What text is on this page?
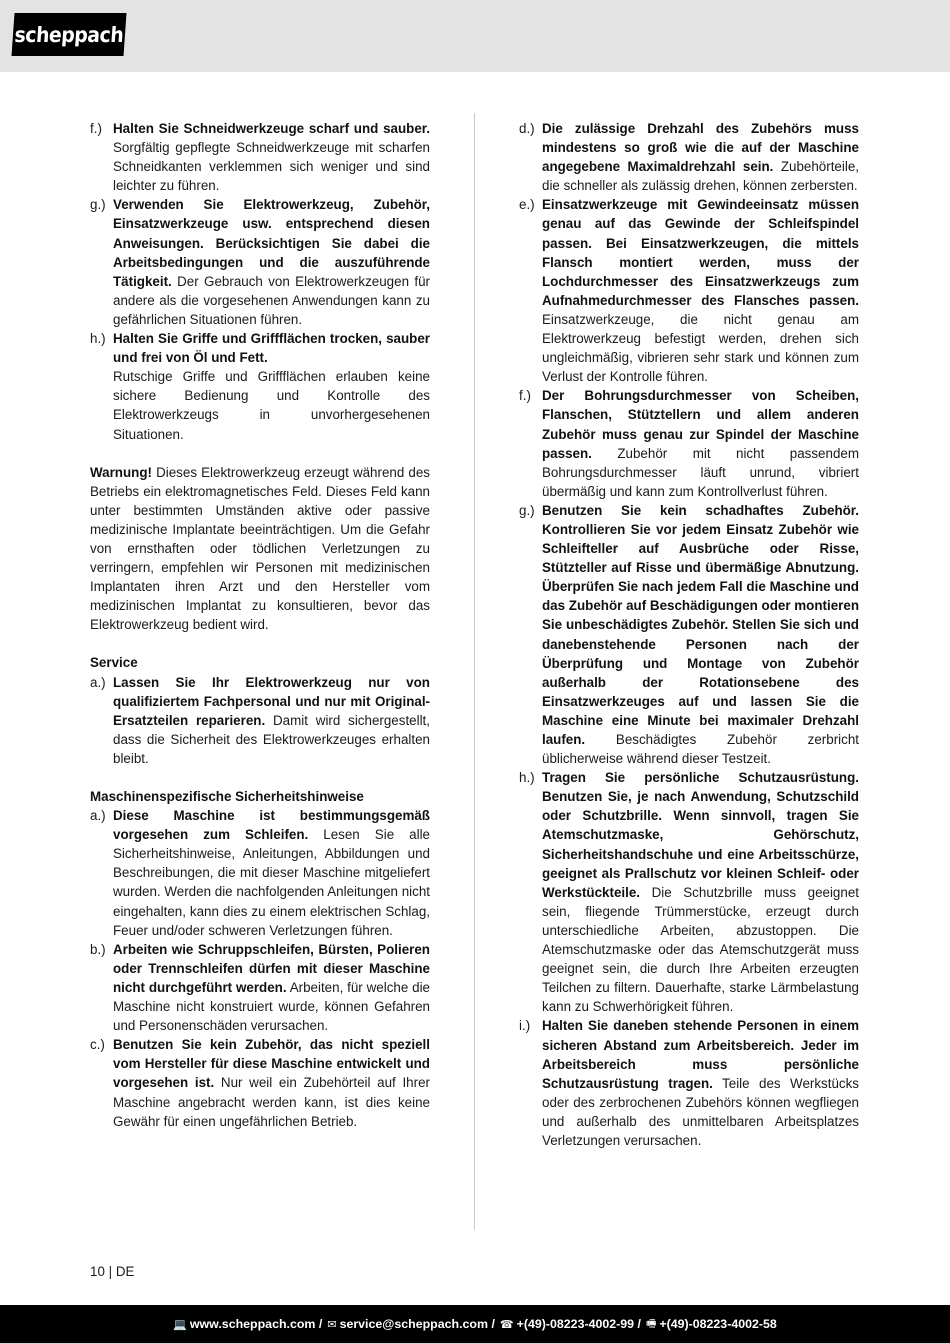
scheppach
f.) Halten Sie Schneidwerkzeuge scharf und sauber. Sorgfältig gepflegte Schneidwerkzeuge mit scharfen Schneidkanten verklemmen sich weniger und sind leichter zu führen.
g.) Verwenden Sie Elektrowerkzeug, Zubehör, Einsatzwerkzeuge usw. entsprechend diesen Anweisungen. Berücksichtigen Sie dabei die Arbeitsbedingungen und die auszuführende Tätigkeit. Der Gebrauch von Elektrowerkzeugen für andere als die vorgesehenen Anwendungen kann zu gefährlichen Situationen führen.
h.) Halten Sie Griffe und Griffflächen trocken, sauber und frei von Öl und Fett.
Rutschige Griffe und Griffflächen erlauben keine sichere Bedienung und Kontrolle des Elektrowerkzeugs in unvorhergesehenen Situationen.

Warnung! Dieses Elektrowerkzeug erzeugt während des Betriebs ein elektromagnetisches Feld. Dieses Feld kann unter bestimmten Umständen aktive oder passive medizinische Implantate beeinträchtigen. Um die Gefahr von ernsthaften oder tödlichen Verletzungen zu verringern, empfehlen wir Personen mit medizinischen Implantaten ihren Arzt und den Hersteller vom medizinischen Implantat zu konsultieren, bevor das Elektrowerkzeug bedient wird.

Service

a.) Lassen Sie Ihr Elektrowerkzeug nur von qualifiziertem Fachpersonal und nur mit Original-Ersatzteilen reparieren. Damit wird sichergestellt, dass die Sicherheit des Elektrowerkzeuges erhalten bleibt.

Maschinenspezifische Sicherheitshinweise

a.) Diese Maschine ist bestimmungsgemäß vorgesehen zum Schleifen. Lesen Sie alle Sicherheitshinweise, Anleitungen, Abbildungen und Beschreibungen, die mit dieser Maschine mitgeliefert wurden. Werden die nachfolgenden Anleitungen nicht eingehalten, kann dies zu einem elektrischen Schlag, Feuer und/oder schweren Verletzungen führen.
b.) Arbeiten wie Schruppschleifen, Bürsten, Polieren oder Trennschleifen dürfen mit dieser Maschine nicht durchgeführt werden. Arbeiten, für welche die Maschine nicht konstruiert wurde, können Gefahren und Personenschäden verursachen.
c.) Benutzen Sie kein Zubehör, das nicht speziell vom Hersteller für diese Maschine entwickelt und vorgesehen ist. Nur weil ein Zubehörteil auf Ihrer Maschine angebracht werden kann, ist dies keine Gewähr für einen ungefährlichen Betrieb.
d.) Die zulässige Drehzahl des Zubehörs muss mindestens so groß wie die auf der Maschine angegebene Maximaldrehzahl sein. Zubehörteile, die schneller als zulässig drehen, können zerbersten.
e.) Einsatzwerkzeuge mit Gewindeeinsatz müssen genau auf das Gewinde der Schleifspindel passen. Bei Einsatzwerkzeugen, die mittels Flansch montiert werden, muss der Lochdurchmesser des Einsatzwerkzeugs zum Aufnahmedurchmesser des Flansches passen. Einsatzwerkzeuge, die nicht genau am Elektrowerkzeug befestigt werden, drehen sich ungleichmäßig, vibrieren sehr stark und können zum Verlust der Kontrolle führen.
f.) Der Bohrungsdurchmesser von Scheiben, Flanschen, Stütztellern und allem anderen Zubehör muss genau zur Spindel der Maschine passen. Zubehör mit nicht passendem Bohrungsdurchmesser läuft unrund, vibriert übermäßig und kann zum Kontrollverlust führen.
g.) Benutzen Sie kein schadhaftes Zubehör. Kontrollieren Sie vor jedem Einsatz Zubehör wie Schleifteller auf Ausbrüche oder Risse, Stützteller auf Risse und übermäßige Abnutzung. Überprüfen Sie nach jedem Fall die Maschine und das Zubehör auf Beschädigungen oder montieren Sie unbeschädigtes Zubehör. Stellen Sie sich und danebenstehende Personen nach der Überprüfung und Montage von Zubehör außerhalb der Rotationsebene des Einsatzwerkzeuges auf und lassen Sie die Maschine eine Minute bei maximaler Drehzahl laufen. Beschädigtes Zubehör zerbricht üblicherweise während dieser Testzeit.
h.) Tragen Sie persönliche Schutzausrüstung. Benutzen Sie, je nach Anwendung, Schutzschild oder Schutzbrille. Wenn sinnvoll, tragen Sie Atemschutzmaske, Gehörschutz, Sicherheitshandschuhe und eine Arbeitsschürze, geeignet als Prallschutz vor kleinen Schleif- oder Werkstückteile. Die Schutzbrille muss geeignet sein, fliegende Trümmerstücke, erzeugt durch unterschiedliche Arbeiten, abzustoppen. Die Atemschutzmaske oder das Atemschutzgerät muss geeignet sein, die durch Ihre Arbeiten erzeugten Teilchen zu filtern. Dauerhafte, starke Lärmbelastung kann zu Schwerhörigkeit führen.
i.) Halten Sie daneben stehende Personen in einem sicheren Abstand zum Arbeitsbereich. Jeder im Arbeitsbereich muss persönliche Schutzausrüstung tragen. Teile des Werkstücks oder des zerbrochenen Zubehörs können wegfliegen und außerhalb des unmittelbaren Arbeitsplatzes Verletzungen verursachen.
10 | DE
💻 www.scheppach.com / ✉ service@scheppach.com / ☎ +(49)-08223-4002-99 / 🖷 +(49)-08223-4002-58
